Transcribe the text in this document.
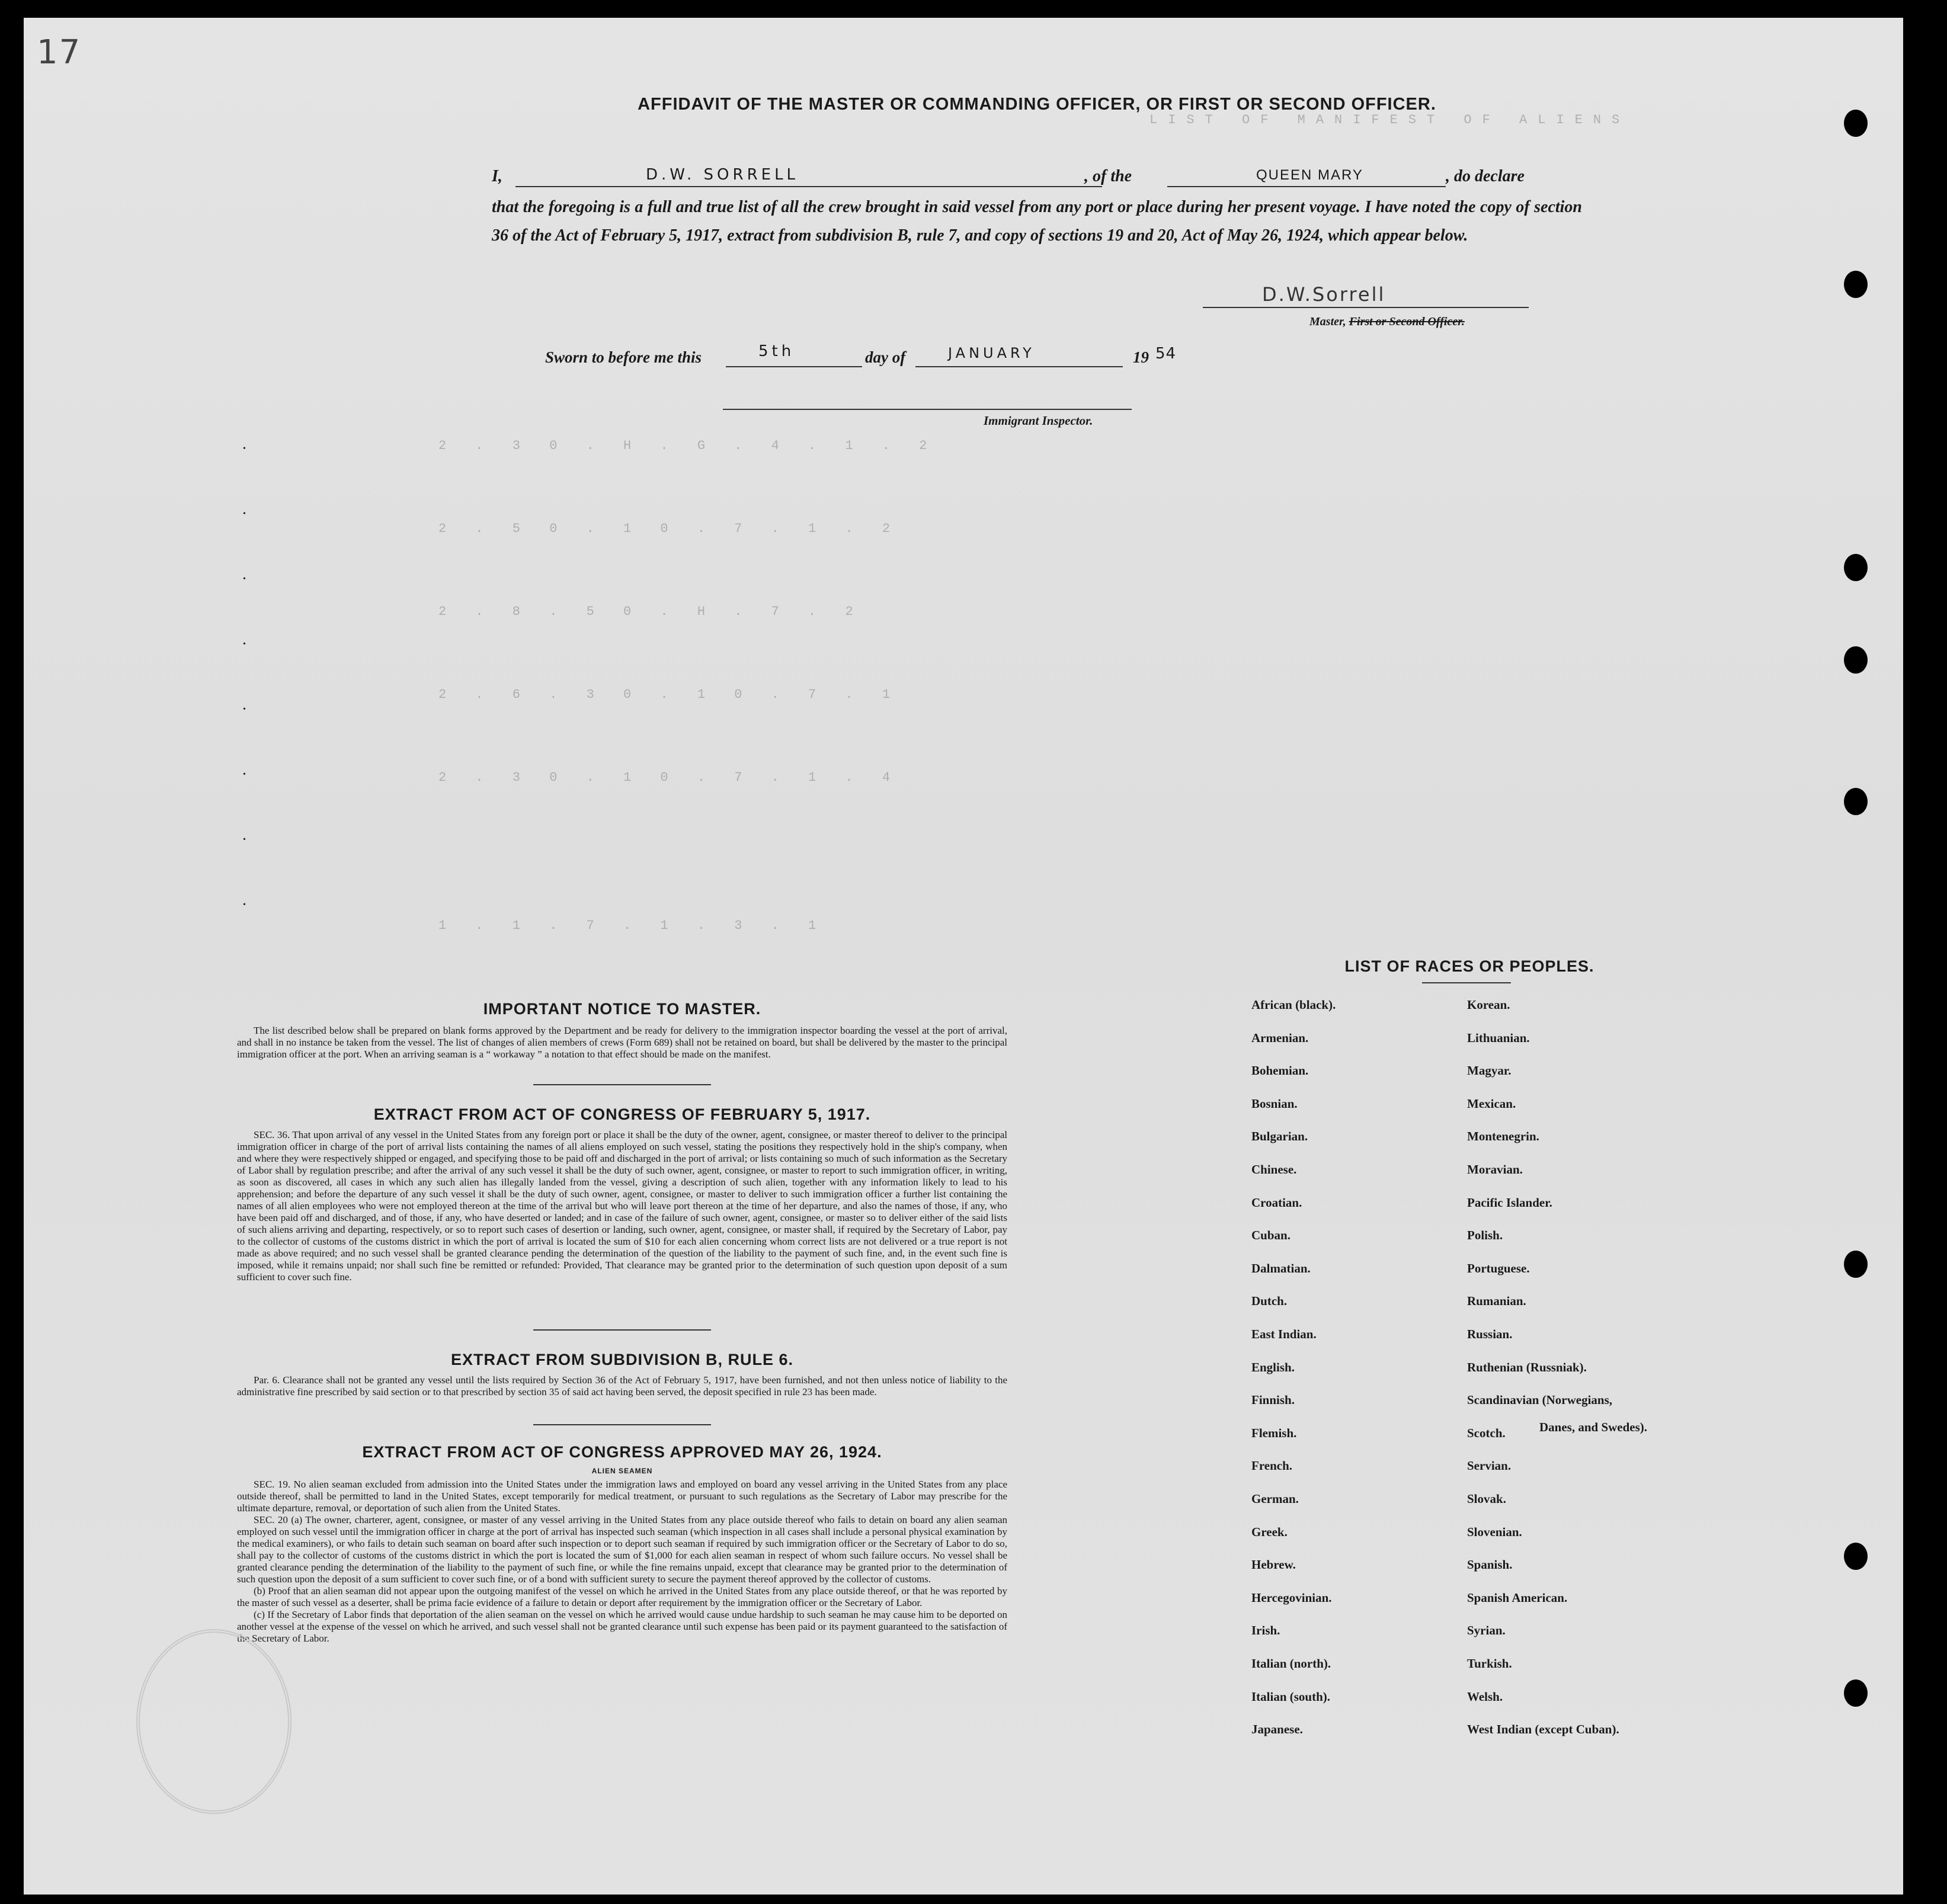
LIST OF MANIFEST OF ALIENS
2 . 3 0 . H . G . 4 . 1 . 2
2 . 5 0 . 1 0 . 7 . 1 . 2
2 . 8 . 5 0 . H . 7 . 2
2 . 6 . 3 0 . 1 0 . 7 . 1
2 . 3 0 . 1 0 . 7 . 1 . 4
1 . 1 . 7 . 1 . 3 . 1
17
AFFIDAVIT OF THE MASTER OR COMMANDING OFFICER, OR FIRST OR SECOND OFFICER.
I,	D.W. SORRELL	, of the	QUEEN MARY	, do declare
that the foregoing is a full and true list of all the crew brought in said vessel from any port or place during her present voyage. I have noted the copy of section 36 of the Act of February 5, 1917, extract from subdivision B, rule 7, and copy of sections 19 and 20, Act of May 26, 1924, which appear below.
D.W.Sorrell
Master, First or Second Officer.
Sworn to before me this	5th	day of	JANUARY	19 54
Immigrant Inspector.
•
•
•
•
•
•
•
•
IMPORTANT NOTICE TO MASTER.

The list described below shall be prepared on blank forms approved by the Department and be ready for delivery to the immigration inspector boarding the vessel at the port of arrival, and shall in no instance be taken from the vessel. The list of changes of alien members of crews (Form 689) shall not be retained on board, but shall be delivered by the master to the principal immigration officer at the port. When an arriving seaman is a “ workaway ” a notation to that effect should be made on the manifest.

EXTRACT FROM ACT OF CONGRESS OF FEBRUARY 5, 1917.

SEC. 36. That upon arrival of any vessel in the United States from any foreign port or place it shall be the duty of the owner, agent, consignee, or master thereof to deliver to the principal immigration officer in charge of the port of arrival lists containing the names of all aliens employed on such vessel, stating the positions they respectively hold in the ship's company, when and where they were respectively shipped or engaged, and specifying those to be paid off and discharged in the port of arrival; or lists containing so much of such information as the Secretary of Labor shall by regulation prescribe; and after the arrival of any such vessel it shall be the duty of such owner, agent, consignee, or master to report to such immigration officer, in writing, as soon as discovered, all cases in which any such alien has illegally landed from the vessel, giving a description of such alien, together with any information likely to lead to his apprehension; and before the departure of any such vessel it shall be the duty of such owner, agent, consignee, or master to deliver to such immigration officer a further list containing the names of all alien employees who were not employed thereon at the time of the arrival but who will leave port thereon at the time of her departure, and also the names of those, if any, who have been paid off and discharged, and of those, if any, who have deserted or landed; and in case of the failure of such owner, agent, consignee, or master so to deliver either of the said lists of such aliens arriving and departing, respectively, or so to report such cases of desertion or landing, such owner, agent, consignee, or master shall, if required by the Secretary of Labor, pay to the collector of customs of the customs district in which the port of arrival is located the sum of $10 for each alien concerning whom correct lists are not delivered or a true report is not made as above required; and no such vessel shall be granted clearance pending the determination of the question of the liability to the payment of such fine, and, in the event such fine is imposed, while it remains unpaid; nor shall such fine be remitted or refunded: Provided, That clearance may be granted prior to the determination of such question upon deposit of a sum sufficient to cover such fine.

EXTRACT FROM SUBDIVISION B, RULE 6.

Par. 6. Clearance shall not be granted any vessel until the lists required by Section 36 of the Act of February 5, 1917, have been furnished, and not then unless notice of liability to the administrative fine prescribed by said section or to that prescribed by section 35 of said act having been served, the deposit specified in rule 23 has been made.

EXTRACT FROM ACT OF CONGRESS APPROVED MAY 26, 1924.
ALIEN SEAMEN

SEC. 19. No alien seaman excluded from admission into the United States under the immigration laws and employed on board any vessel arriving in the United States from any place outside thereof, shall be permitted to land in the United States, except temporarily for medical treatment, or pursuant to such regulations as the Secretary of Labor may prescribe for the ultimate departure, removal, or deportation of such alien from the United States.

SEC. 20 (a) The owner, charterer, agent, consignee, or master of any vessel arriving in the United States from any place outside thereof who fails to detain on board any alien seaman employed on such vessel until the immigration officer in charge at the port of arrival has inspected such seaman (which inspection in all cases shall include a personal physical examination by the medical examiners), or who fails to detain such seaman on board after such inspection or to deport such seaman if required by such immigration officer or the Secretary of Labor to do so, shall pay to the collector of customs of the customs district in which the port is located the sum of $1,000 for each alien seaman in respect of whom such failure occurs. No vessel shall be granted clearance pending the determination of the liability to the payment of such fine, or while the fine remains unpaid, except that clearance may be granted prior to the determination of such question upon the deposit of a sum sufficient to cover such fine, or of a bond with sufficient surety to secure the payment thereof approved by the collector of customs.

(b) Proof that an alien seaman did not appear upon the outgoing manifest of the vessel on which he arrived in the United States from any place outside thereof, or that he was reported by the master of such vessel as a deserter, shall be prima facie evidence of a failure to detain or deport after requirement by the immigration officer or the Secretary of Labor.

(c) If the Secretary of Labor finds that deportation of the alien seaman on the vessel on which he arrived would cause undue hardship to such seaman he may cause him to be deported on another vessel at the expense of the vessel on which he arrived, and such vessel shall not be granted clearance until such expense has been paid or its payment guaranteed to the satisfaction of the Secretary of Labor.

LIST OF RACES OR PEOPLES.
African (black).
Armenian.
Bohemian.
Bosnian.
Bulgarian.
Chinese.
Croatian.
Cuban.
Dalmatian.
Dutch.
East Indian.
English.
Finnish.
Flemish.
French.
German.
Greek.
Hebrew.
Hercegovinian.
Irish.
Italian (north).
Italian (south).
Japanese.
Korean.
Lithuanian.
Magyar.
Mexican.
Montenegrin.
Moravian.
Pacific Islander.
Polish.
Portuguese.
Rumanian.
Russian.
Ruthenian (Russniak).
Scandinavian (Norwegians,
Scotch.
Servian.
Slovak.
Slovenian.
Spanish.
Spanish American.
Syrian.
Turkish.
Welsh.
West Indian (except Cuban).
Danes, and Swedes).
